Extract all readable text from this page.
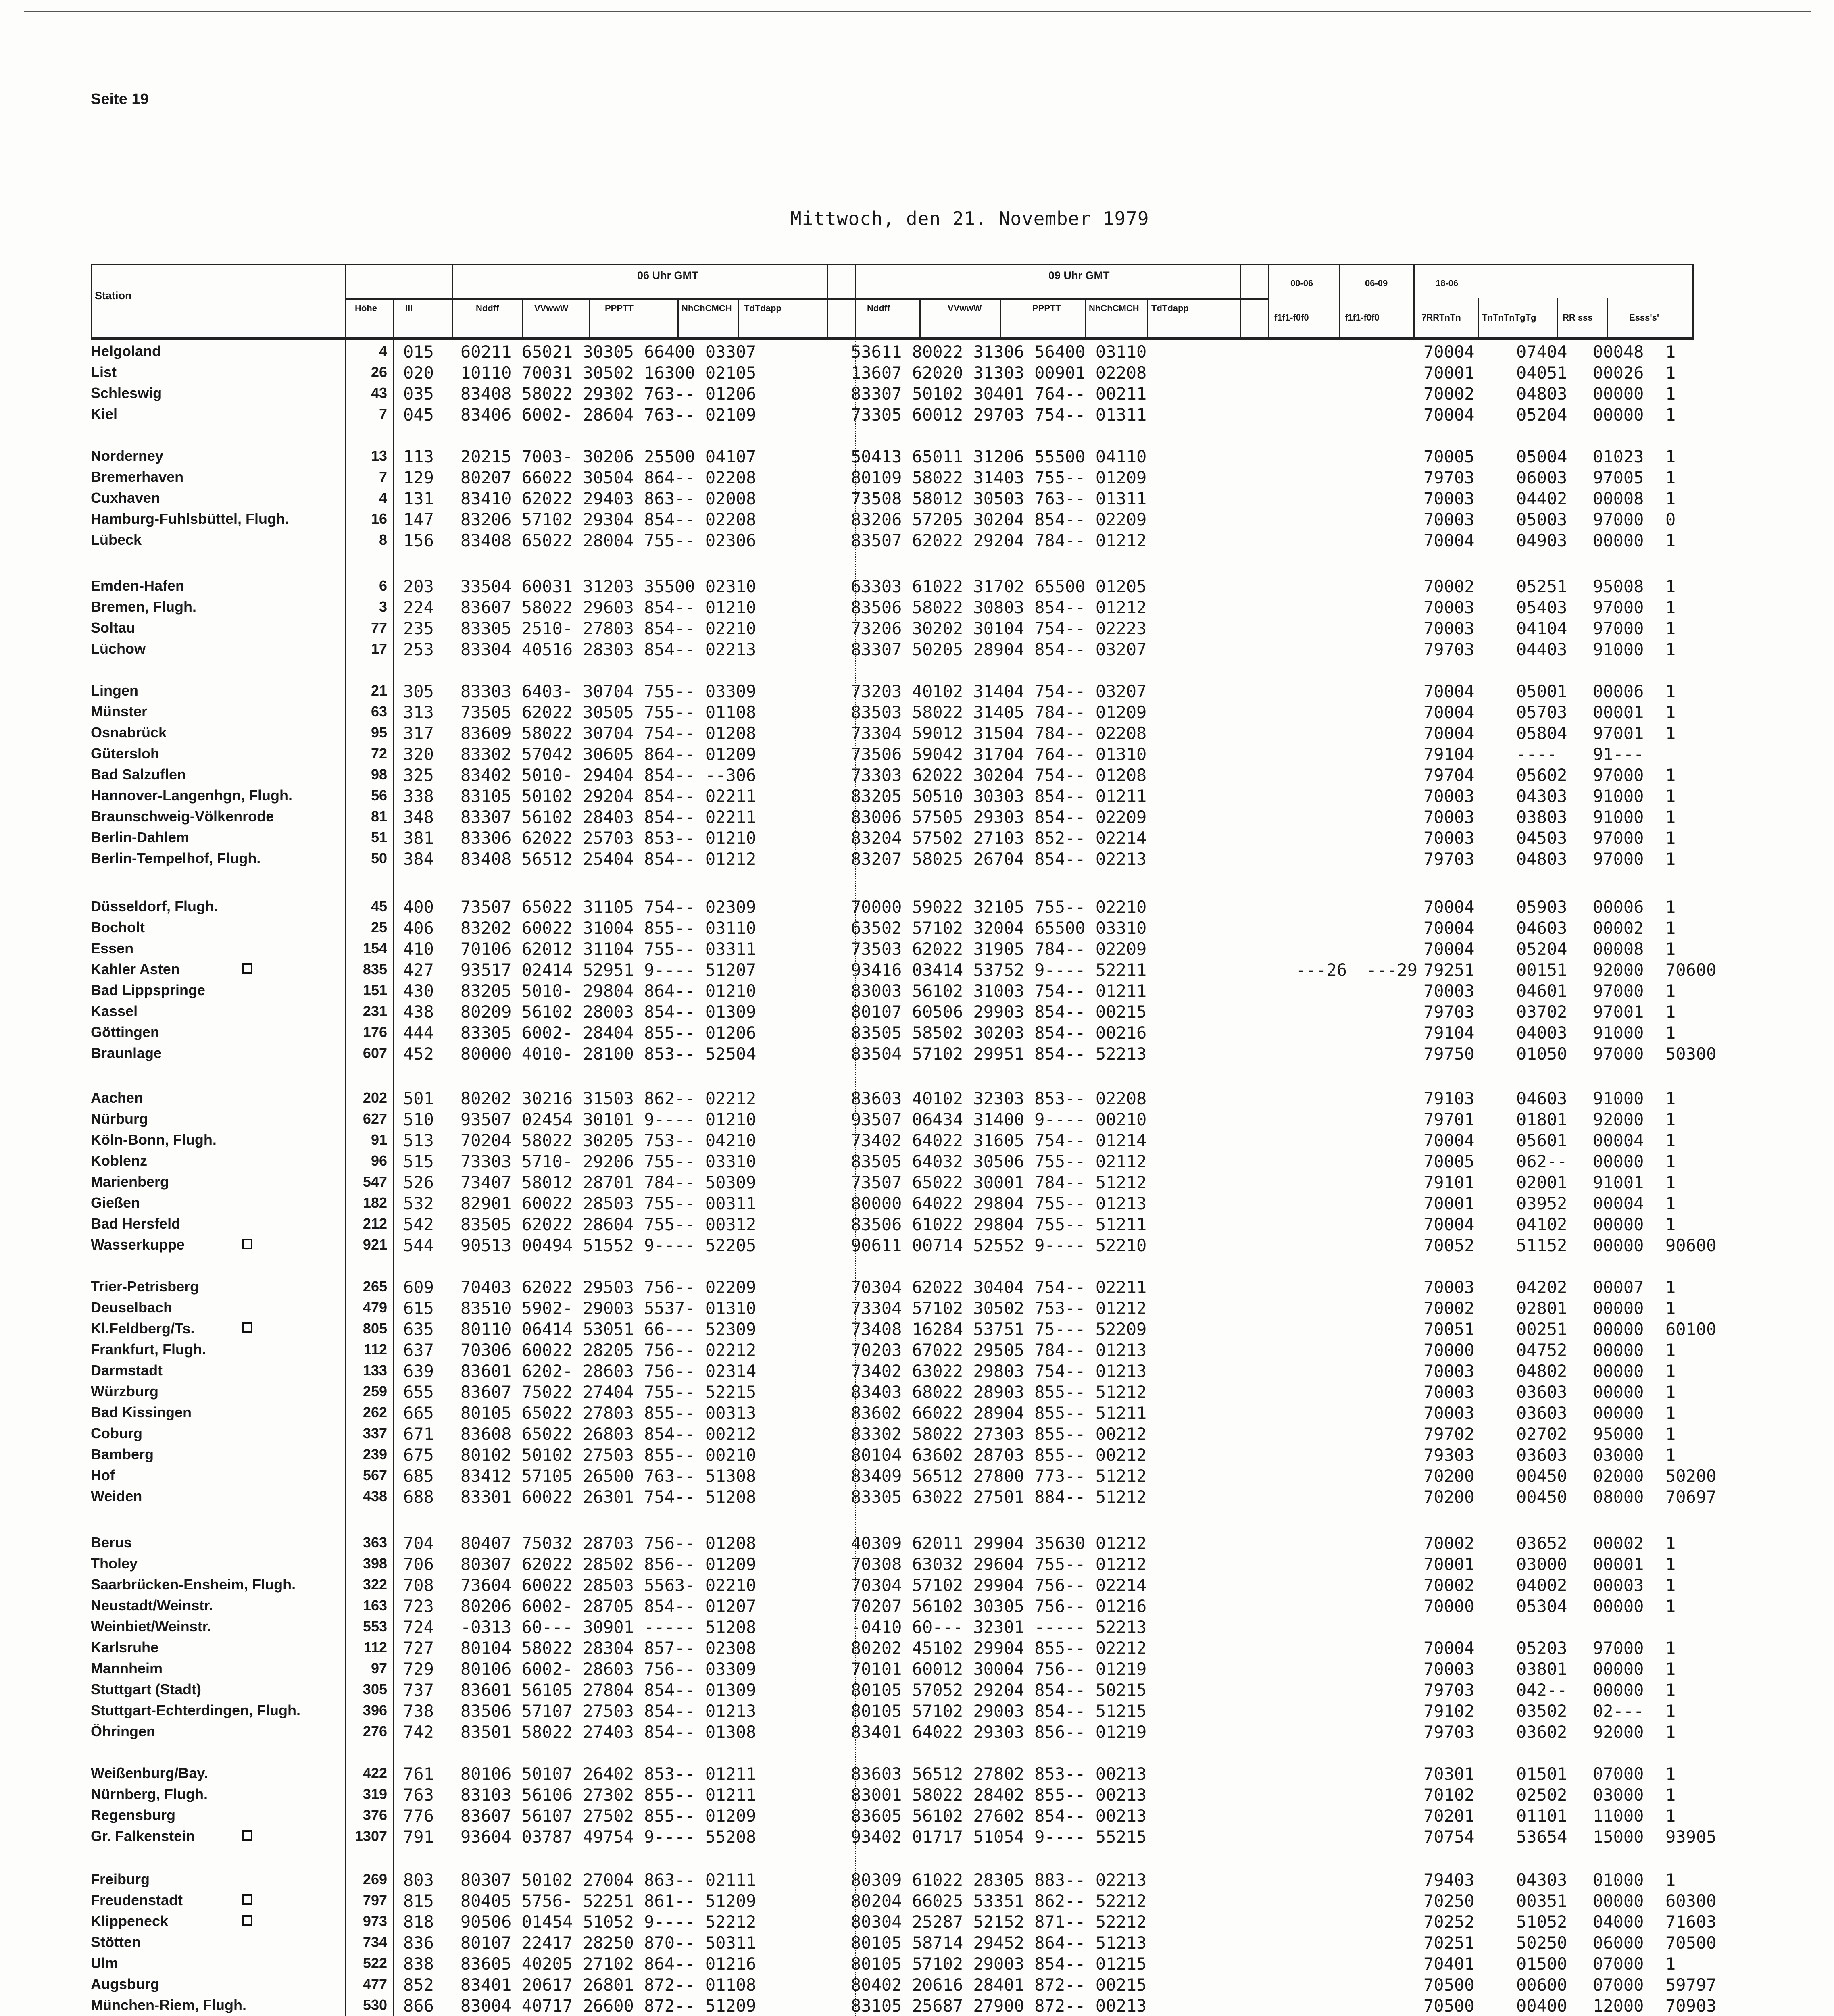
Seite 19
Mittwoch, den 21. November 1979
Station
Höhe	iii
06 Uhr GMT
Nddff	VVwwW	PPPTT	NhChCMCH TdTdapp
09 Uhr GMT
Nddff	VVwwW	PPPTT	NhChCMCH TdTdapp
00-06
f1f1-f0f0
06-09
f1f1-f0f0
18-06
7RRTnTn TnTnTnTgTg	RR sss	Esss's'
Helgoland	4 015 60211 65021 30305 66400 03307	53611 80022 31306 56400 03110	70004 07404 00048 1
List	26 020 10110 70031 30502 16300 02105	13607 62020 31303 00901 02208	70001 04051 00026 1
Schleswig	43 035 83408 58022 29302 763-- 01206	83307 50102 30401 764-- 00211	70002 04803 00000 1
Kiel	7 045 83406 6002- 28604 763-- 02109	73305 60012 29703 754-- 01311	70004 05204 00000 1
Norderney	13 113 20215 7003- 30206 25500 04107	50413 65011 31206 55500 04110	70005 05004 01023 1
Bremerhaven	7 129 80207 66022 30504 864-- 02208	80109 58022 31403 755-- 01209	79703 06003 97005 1
Cuxhaven	4 131 83410 62022 29403 863-- 02008	73508 58012 30503 763-- 01311	70003 04402 00008 1
Hamburg-Fuhlsbüttel, Flugh.	16 147 83206 57102 29304 854-- 02208	83206 57205 30204 854-- 02209	70003 05003 97000 0
Lübeck	8 156 83408 65022 28004 755-- 02306	83507 62022 29204 784-- 01212	70004 04903 00000 1
Emden-Hafen	6 203 33504 60031 31203 35500 02310	63303 61022 31702 65500 01205	70002 05251 95008 1
Bremen, Flugh.	3 224 83607 58022 29603 854-- 01210	83506 58022 30803 854-- 01212	70003 05403 97000 1
Soltau	77 235 83305 2510- 27803 854-- 02210	73206 30202 30104 754-- 02223	70003 04104 97000 1
Lüchow	17 253 83304 40516 28303 854-- 02213	83307 50205 28904 854-- 03207	79703 04403 91000 1
Lingen	21 305 83303 6403- 30704 755-- 03309	73203 40102 31404 754-- 03207	70004 05001 00006 1
Münster	63 313 73505 62022 30505 755-- 01108	83503 58022 31405 784-- 01209	70004 05703 00001 1
Osnabrück	95 317 83609 58022 30704 754-- 01208	73304 59012 31504 784-- 02208	70004 05804 97001 1
Gütersloh	72 320 83302 57042 30605 864-- 01209	73506 59042 31704 764-- 01310	79104 ---- 91---
Bad Salzuflen	98 325 83402 5010- 29404 854-- --306	73303 62022 30204 754-- 01208	79704 05602 97000 1
Hannover-Langenhgn, Flugh.	56 338 83105 50102 29204 854-- 02211	83205 50510 30303 854-- 01211	70003 04303 91000 1
Braunschweig-Völkenrode	81 348 83307 56102 28403 854-- 02211	83006 57505 29303 854-- 02209	70003 03803 91000 1
Berlin-Dahlem	51 381 83306 62022 25703 853-- 01210	83204 57502 27103 852-- 02214	70003 04503 97000 1
Berlin-Tempelhof, Flugh.	50 384 83408 56512 25404 854-- 01212	83207 58025 26704 854-- 02213	79703 04803 97000 1
Düsseldorf, Flugh.	45 400 73507 65022 31105 754-- 02309	70000 59022 32105 755-- 02210	70004 05903 00006 1
Bocholt	25 406 83202 60022 31004 855-- 03110	63502 57102 32004 65500 03310	70004 04603 00002 1
Essen	154 410 70106 62012 31104 755-- 03311	73503 62022 31905 784-- 02209	70004 05204 00008 1
Kahler Asten	835 427 93517 02414 52951 9---- 51207	93416 03414 53752 9---- 52211	---26 ---29 79251 00151 92000 70600
Bad Lippspringe	151 430 83205 5010- 29804 864-- 01210	83003 56102 31003 754-- 01211	70003 04601 97000 1
Kassel	231 438 80209 56102 28003 854-- 01309	80107 60506 29903 854-- 00215	79703 03702 97001 1
Göttingen	176 444 83305 6002- 28404 855-- 01206	83505 58502 30203 854-- 00216	79104 04003 91000 1
Braunlage	607 452 80000 4010- 28100 853-- 52504	83504 57102 29951 854-- 52213	79750 01050 97000 50300
Aachen	202 501 80202 30216 31503 862-- 02212	83603 40102 32303 853-- 02208	79103 04603 91000 1
Nürburg	627 510 93507 02454 30101 9---- 01210	93507 06434 31400 9---- 00210	79701 01801 92000 1
Köln-Bonn, Flugh.	91 513 70204 58022 30205 753-- 04210	73402 64022 31605 754-- 01214	70004 05601 00004 1
Koblenz	96 515 73303 5710- 29206 755-- 03310	83505 64032 30506 755-- 02112	70005 062-- 00000 1
Marienberg	547 526 73407 58012 28701 784-- 50309	73507 65022 30001 784-- 51212	79101 02001 91001 1
Gießen	182 532 82901 60022 28503 755-- 00311	80000 64022 29804 755-- 01213	70001 03952 00004 1
Bad Hersfeld	212 542 83505 62022 28604 755-- 00312	83506 61022 29804 755-- 51211	70004 04102 00000 1
Wasserkuppe	921 544 90513 00494 51552 9---- 52205	90611 00714 52552 9---- 52210	70052 51152 00000 90600
Trier-Petrisberg	265 609 70403 62022 29503 756-- 02209	70304 62022 30404 754-- 02211	70003 04202 00007 1
Deuselbach	479 615 83510 5902- 29003 5537- 01310	73304 57102 30502 753-- 01212	70002 02801 00000 1
Kl.Feldberg/Ts.	805 635 80110 06414 53051 66--- 52309	73408 16284 53751 75--- 52209	70051 00251 00000 60100
Frankfurt, Flugh.	112 637 70306 60022 28205 756-- 02212	70203 67022 29505 784-- 01213	70000 04752 00000 1
Darmstadt	133 639 83601 6202- 28603 756-- 02314	73402 63022 29803 754-- 01213	70003 04802 00000 1
Würzburg	259 655 83607 75022 27404 755-- 52215	83403 68022 28903 855-- 51212	70003 03603 00000 1
Bad Kissingen	262 665 80105 65022 27803 855-- 00313	83602 66022 28904 855-- 51211	70003 03603 00000 1
Coburg	337 671 83608 65022 26803 854-- 00212	83302 58022 27303 855-- 00212	79702 02702 95000 1
Bamberg	239 675 80102 50102 27503 855-- 00210	80104 63602 28703 855-- 00212	79303 03603 03000 1
Hof	567 685 83412 57105 26500 763-- 51308	83409 56512 27800 773-- 51212	70200 00450 02000 50200
Weiden	438 688 83301 60022 26301 754-- 51208	83305 63022 27501 884-- 51212	70200 00450 08000 70697
Berus	363 704 80407 75032 28703 756-- 01208	40309 62011 29904 35630 01212	70002 03652 00002 1
Tholey	398 706 80307 62022 28502 856-- 01209	70308 63032 29604 755-- 01212	70001 03000 00001 1
Saarbrücken-Ensheim, Flugh.	322 708 73604 60022 28503 5563- 02210	70304 57102 29904 756-- 02214	70002 04002 00003 1
Neustadt/Weinstr.	163 723 80206 6002- 28705 854-- 01207	70207 56102 30305 756-- 01216	70000 05304 00000 1
Weinbiet/Weinstr.	553 724 -0313 60--- 30901 ----- 51208	-0410 60--- 32301 ----- 52213
Karlsruhe	112 727 80104 58022 28304 857-- 02308	80202 45102 29904 855-- 02212	70004 05203 97000 1
Mannheim	97 729 80106 6002- 28603 756-- 03309	70101 60012 30004 756-- 01219	70003 03801 00000 1
Stuttgart (Stadt)	305 737 83601 56105 27804 854-- 01309	80105 57052 29204 854-- 50215	79703 042-- 00000 1
Stuttgart-Echterdingen, Flugh.	396 738 83506 57107 27503 854-- 01213	80105 57102 29003 854-- 51215	79102 03502 02--- 1
Öhringen	276 742 83501 58022 27403 854-- 01308	83401 64022 29303 856-- 01219	79703 03602 92000 1
Weißenburg/Bay.	422 761 80106 50107 26402 853-- 01211	83603 56512 27802 853-- 00213	70301 01501 07000 1
Nürnberg, Flugh.	319 763 83103 56106 27302 855-- 01211	83001 58022 28402 855-- 00213	70102 02502 03000 1
Regensburg	376 776 83607 56107 27502 855-- 01209	83605 56102 27602 854-- 00213	70201 01101 11000 1
Gr. Falkenstein	1307 791 93604 03787 49754 9---- 55208	93402 01717 51054 9---- 55215	70754 53654 15000 93905
Freiburg	269 803 80307 50102 27004 863-- 02111	80309 61022 28305 883-- 02213	79403 04303 01000 1
Freudenstadt	797 815 80405 5756- 52251 861-- 51209	80204 66025 53351 862-- 52212	70250 00351 00000 60300
Klippeneck	973 818 90506 01454 51052 9---- 52212	80304 25287 52152 871-- 52212	70252 51052 04000 71603
Stötten	734 836 80107 22417 28250 870-- 50311	80105 58714 29452 864-- 51213	70251 50250 06000 70500
Ulm	522 838 83605 40205 27102 864-- 01216	80105 57102 29003 854-- 01215	70401 01500 07000 1
Augsburg	477 852 83401 20617 26801 872-- 01108	80402 20616 28401 872-- 00215	70500 00600 07000 59797
München-Riem, Flugh.	530 866 83004 40717 26600 872-- 51209	83105 25687 27900 872-- 00213	70500 00400 12000 70903
